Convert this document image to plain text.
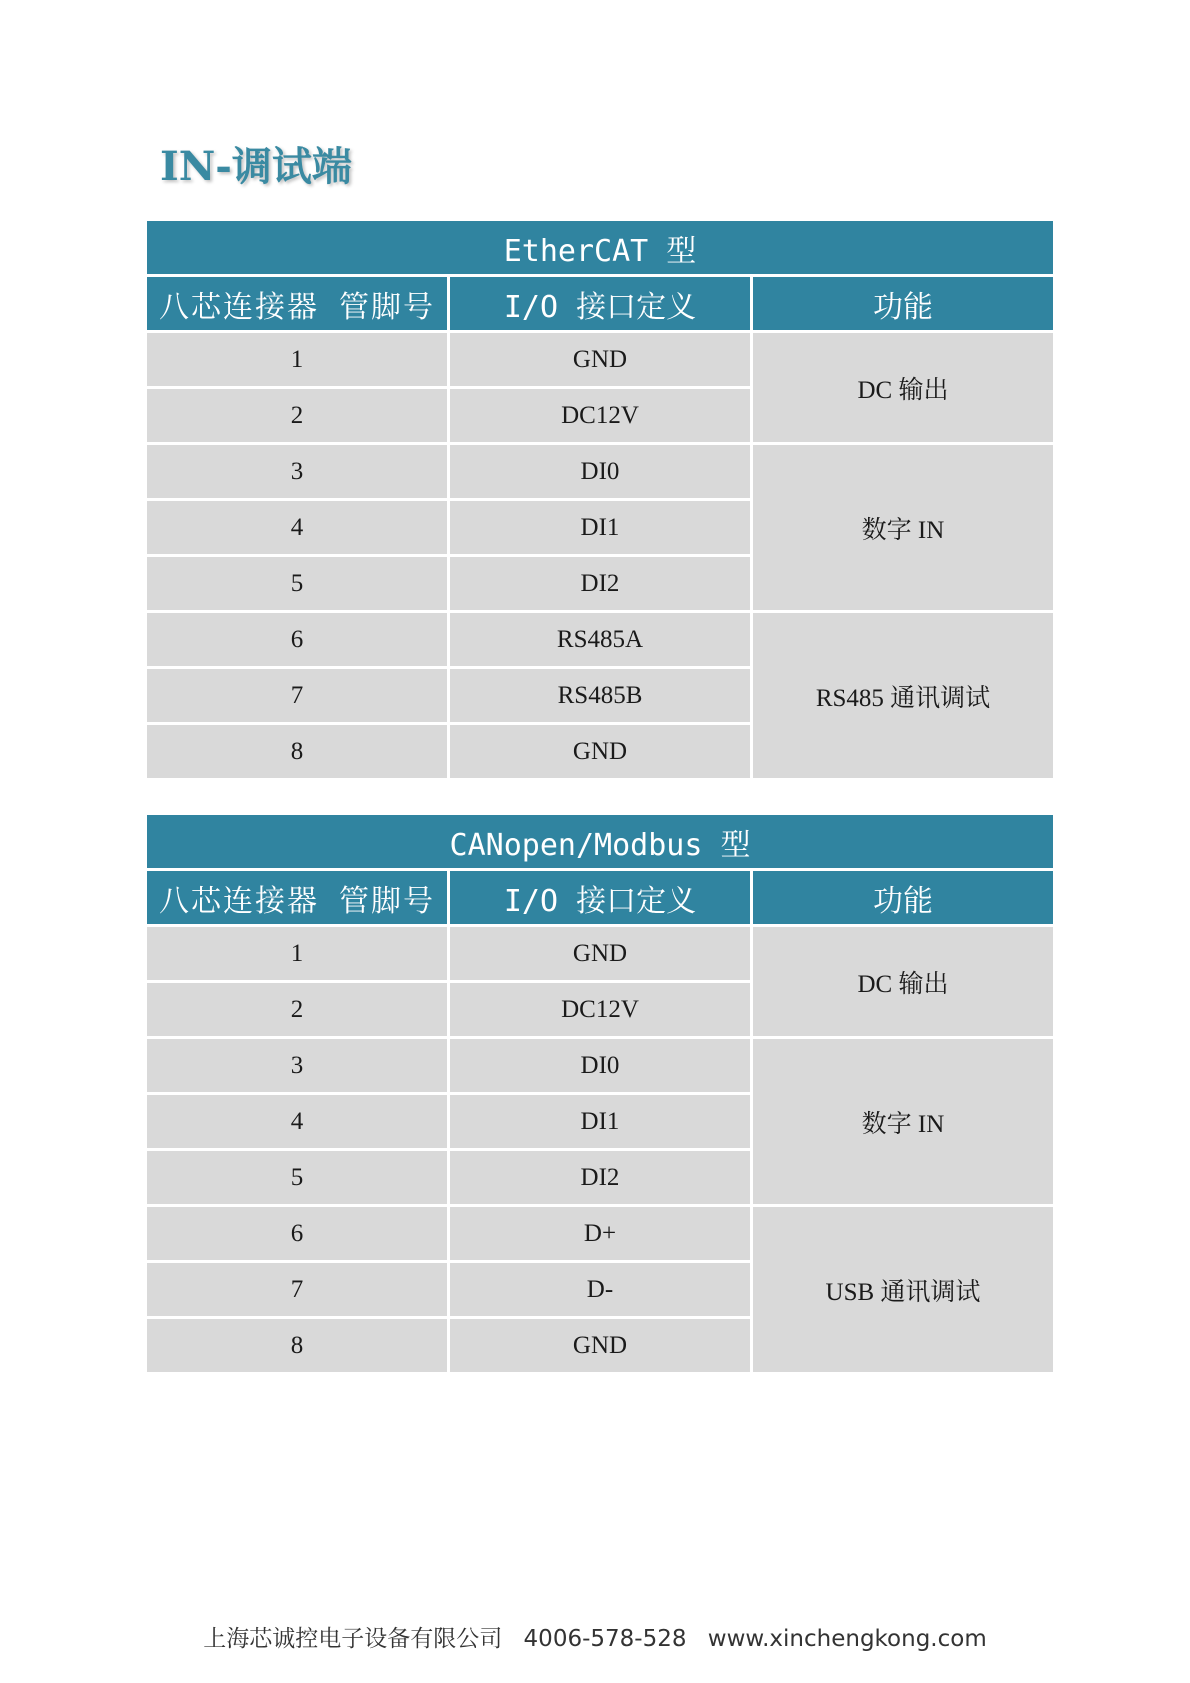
IN-调试端
EtherCAT 型		
八芯连接器 管脚号	I/O 接口定义	功能
1	GND	DC 输出
2	DC12V	
3	DI0	数字 IN
4	DI1	
5	DI2	
6	RS485A	RS485 通讯调试
7	RS485B	
8	GND	
CANopen/Modbus 型		
八芯连接器 管脚号	I/O 接口定义	功能
1	GND	DC 输出
2	DC12V	
3	DI0	数字 IN
4	DI1	
5	DI2	
6	D+	USB 通讯调试
7	D-	
8	GND	
上海芯诚控电子设备有限公司 4006-578-528 www.xinchengkong.com
